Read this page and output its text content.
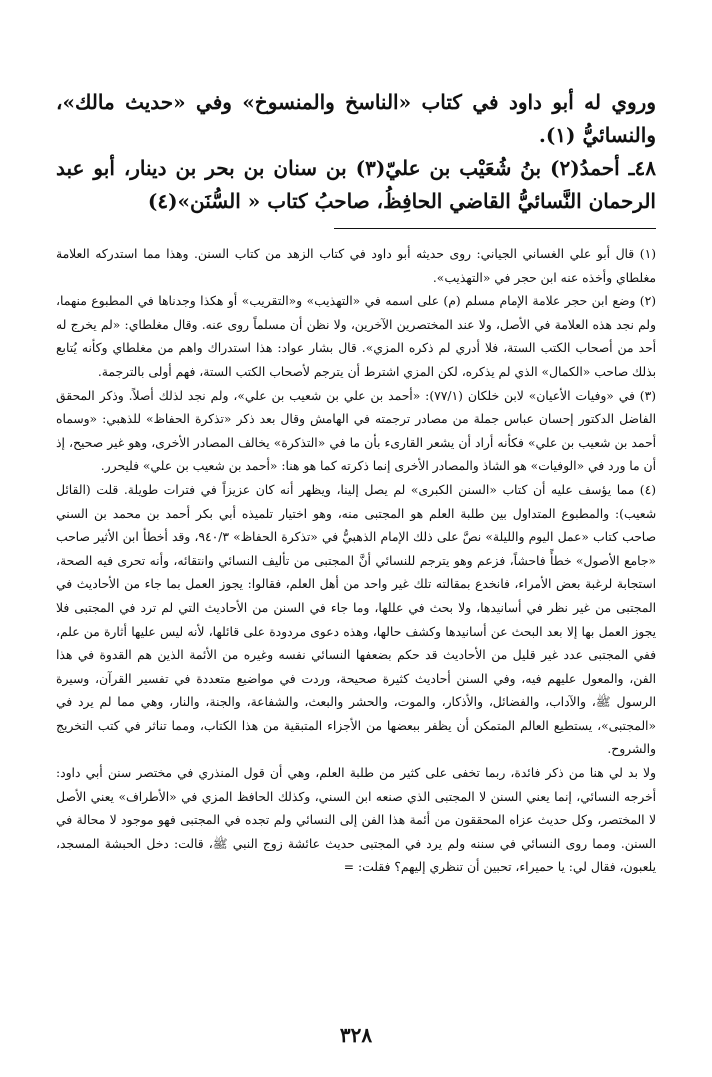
وروي له أبو داود في كتاب «الناسخ والمنسوخ» وفي «حديث مالك»، والنسائيُّ (١).

٤٨ـ أحمدُ(٢) بنُ شُعَيْب بن عليّ(٣) بن سنان بن بحر بن دينار، أبو عبد الرحمان النَّسائيُّ القاضي الحافِظُ، صاحبُ كتاب « السُّنَن»(٤)

(١) قال أبو علي الغساني الجياني: روى حديثه أبو داود في كتاب الزهد من كتاب السنن. وهذا مما استدركه العلامة مغلطاي وأخذه عنه ابن حجر في «التهذيب».

(٢) وضع ابن حجر علامة الإمام مسلم (م) على اسمه في «التهذيب» و«التقريب» أو هكذا وجدناها في المطبوع منهما، ولم نجد هذه العلامة في الأصل، ولا عند المختصرين الآخرين، ولا نظن أن مسلماً روى عنه. وقال مغلطاي: «لم يخرج له أحد من أصحاب الكتب الستة، فلا أدري لم ذكره المزي». قال بشار عواد: هذا استدراك واهم من مغلطاي وكأنه يُتابع بذلك صاحب «الكمال» الذي لم يذكره، لكن المزي اشترط أن يترجم لأصحاب الكتب الستة، فهم أولى بالترجمة.

(٣) في «وفيات الأعيان» لابن خلكان (٧٧/١): «أحمد بن علي بن شعيب بن علي»، ولم نجد لذلك أصلاً. وذكر المحقق الفاضل الدكتور إحسان عباس جملة من مصادر ترجمته في الهامش وقال بعد ذكر «تذكرة الحفاظ» للذهبي: «وسماه أحمد بن شعيب بن علي» فكأنه أراد أن يشعر القارىء بأن ما في «التذكرة» يخالف المصادر الأخرى، وهو غير صحيح، إذ أن ما ورد في «الوفيات» هو الشاذ والمصادر الأخرى إنما ذكرته كما هو هنا: «أحمد بن شعيب بن علي» فليحرر.

(٤) مما يؤسف عليه أن كتاب «السنن الكبرى» لم يصل إلينا، ويظهر أنه كان عزيزاً في فترات طويلة. قلت (القائل شعيب): والمطبوع المتداول بين طلبة العلم هو المجتبى منه، وهو اختيار تلميذه أبي بكر أحمد بن محمد بن السني صاحب كتاب «عمل اليوم والليلة» نصَّ على ذلك الإمام الذهبيُّ في «تذكرة الحفاظ» ٩٤٠/٣، وقد أخطأ ابن الأثير صاحب «جامع الأصول» خطأً فاحشاً، فزعم وهو يترجم للنسائي أنَّ المجتبى من تأليف النسائي وانتقائه، وأنه تحرى فيه الصحة، استجابة لرغبة بعض الأمراء، فانخدع بمقالته تلك غير واحد من أهل العلم، فقالوا: يجوز العمل بما جاء من الأحاديث في المجتبى من غير نظر في أسانيدها، ولا بحث في عللها، وما جاء في السنن من الأحاديث التي لم ترد في المجتبى فلا يجوز العمل بها إلا بعد البحث عن أسانيدها وكشف حالها، وهذه دعوى مردودة على قائلها، لأنه ليس عليها أثارة من علم، ففي المجتبى عدد غير قليل من الأحاديث قد حكم بضعفها النسائي نفسه وغيره من الأئمة الذين هم القدوة في هذا الفن، والمعول عليهم فيه، وفي السنن أحاديث كثيرة صحيحة، وردت في مواضيع متعددة في تفسير القرآن، وسيرة الرسول ﷺ، والآداب، والفضائل، والأذكار، والموت، والحشر والبعث، والشفاعة، والجنة، والنار، وهي مما لم يرد في «المجتبى»، يستطيع العالم المتمكن أن يظفر ببعضها من الأجزاء المتبقية من هذا الكتاب، ومما تناثر في كتب التخريج والشروح.

ولا بد لي هنا من ذكر فائدة، ربما تخفى على كثير من طلبة العلم، وهي أن قول المنذري في مختصر سنن أبي داود: أخرجه النسائي، إنما يعني السنن لا المجتبى الذي صنعه ابن السني، وكذلك الحافظ المزي في «الأطراف» يعني الأصل لا المختصر، وكل حديث عزاه المحققون من أئمة هذا الفن إلى النسائي ولم تجده في المجتبى فهو موجود لا محالة في السنن. ومما روى النسائي في سننه ولم يرد في المجتبى حديث عائشة زوج النبي ﷺ، قالت: دخل الحبشة المسجد، يلعبون، فقال لي: يا حميراء، تحبين أن تنظري إليهم؟ فقلت: =

٣٢٨
